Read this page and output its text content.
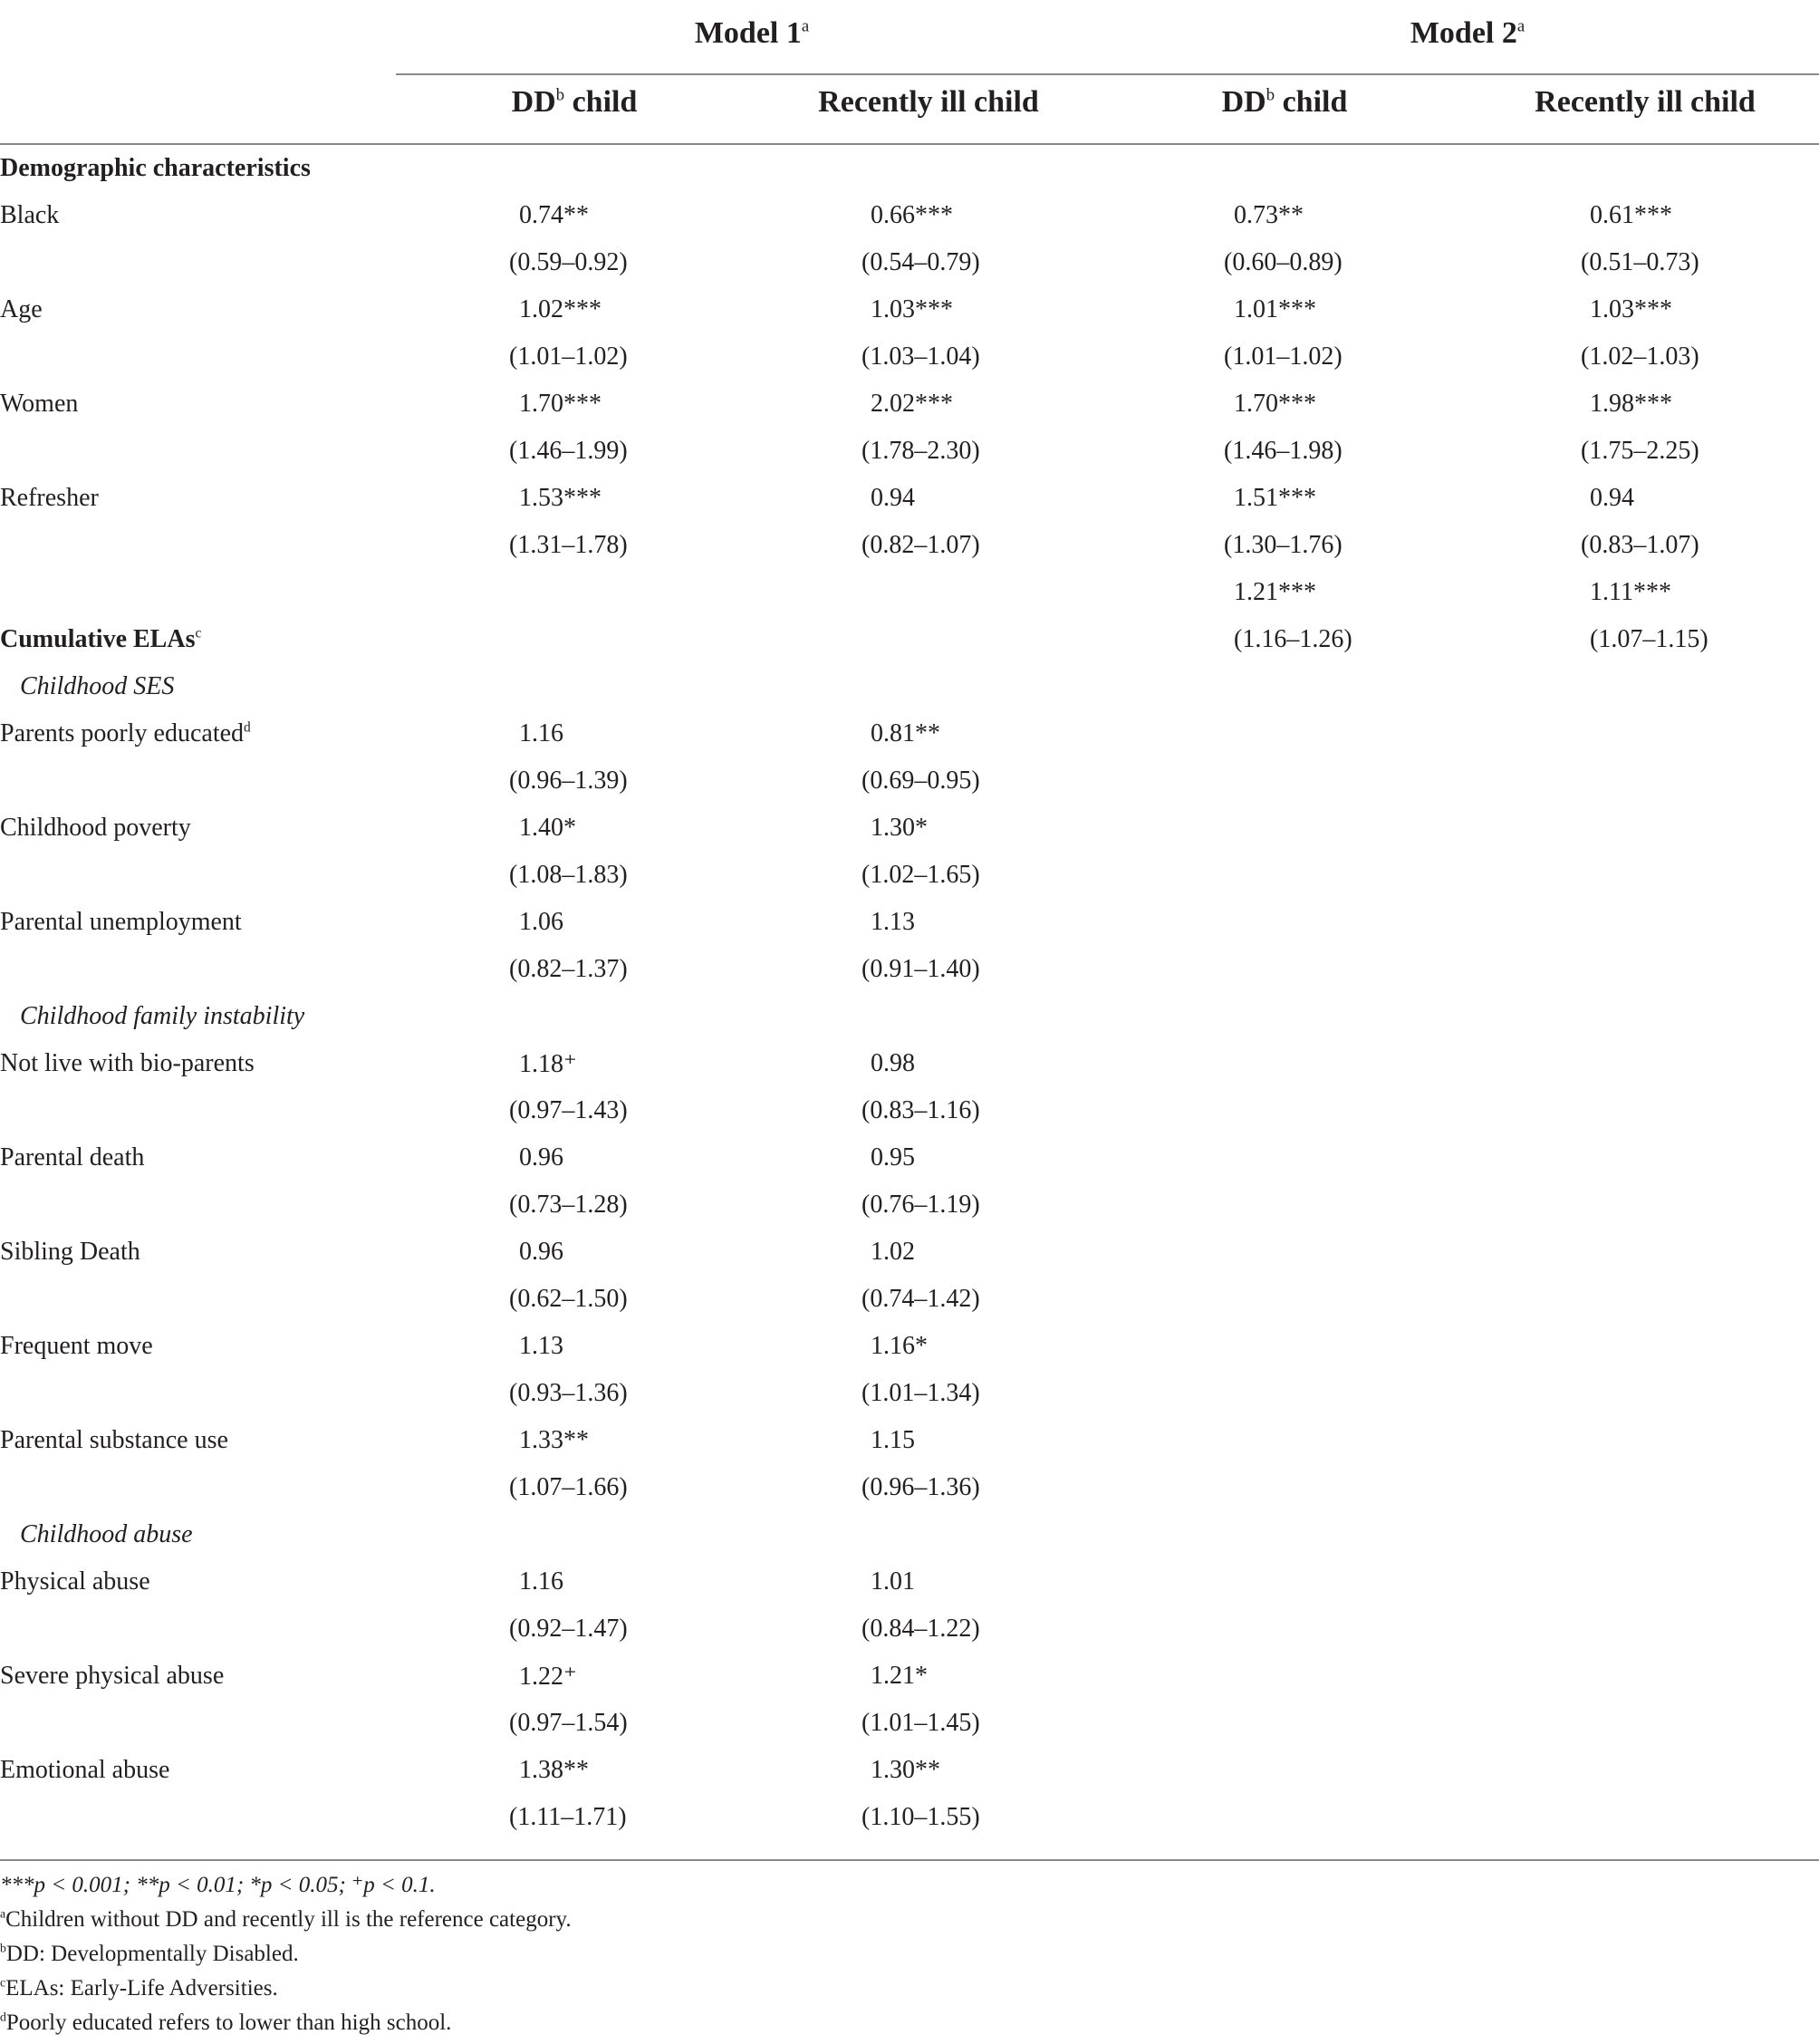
Model 1$^a$	Model 2$^a$
$DD^b$ child	Recently ill child	$DD^b$ child	Recently ill child
Demographic characteristics				
Black	0.74**	0.66***	0.73**	0.61***
	(0.59–0.92)	(0.54–0.79)	(0.60–0.89)	(0.51–0.73)
Age	1.02***	1.03***	1.01***	1.03***
	(1.01–1.02)	(1.03–1.04)	(1.01–1.02)	(1.02–1.03)
Women	1.70***	2.02***	1.70***	1.98***
	(1.46–1.99)	(1.78–2.30)	(1.46–1.98)	(1.75–2.25)
Refresher	1.53***	0.94	1.51***	0.94
	(1.31–1.78)	(0.82–1.07)	(1.30–1.76)	(0.83–1.07)
			1.21***	1.11***
Cumulative ELAs$^c$			(1.16–1.26)	(1.07–1.15)
Childhood SES				
Parents poorly educated$^d$	1.16	0.81**		
	(0.96–1.39)	(0.69–0.95)		
Childhood poverty	1.40*	1.30*		
	(1.08–1.83)	(1.02–1.65)		
Parental unemployment	1.06	1.13		
	(0.82–1.37)	(0.91–1.40)		
Childhood family instability				
Not live with bio-parents	1.18⁺	0.98		
	(0.97–1.43)	(0.83–1.16)		
Parental death	0.96	0.95		
	(0.73–1.28)	(0.76–1.19)		
Sibling Death	0.96	1.02		
	(0.62–1.50)	(0.74–1.42)		
Frequent move	1.13	1.16*		
	(0.93–1.36)	(1.01–1.34)		
Parental substance use	1.33**	1.15		
	(1.07–1.66)	(0.96–1.36)		
Childhood abuse				
Physical abuse	1.16	1.01		
	(0.92–1.47)	(0.84–1.22)		
Severe physical abuse	1.22⁺	1.21*		
	(0.97–1.54)	(1.01–1.45)		
Emotional abuse	1.38**	1.30**		
	(1.11–1.71)	(1.10–1.55)		
***p < 0.001; **p < 0.01; *p < 0.05; ⁺p < 0.1.
$^a$Children without DD and recently ill is the reference category.
$^b$DD: Developmentally Disabled.
$^c$ELAs: Early-Life Adversities.
$^d$Poorly educated refers to lower than high school.
